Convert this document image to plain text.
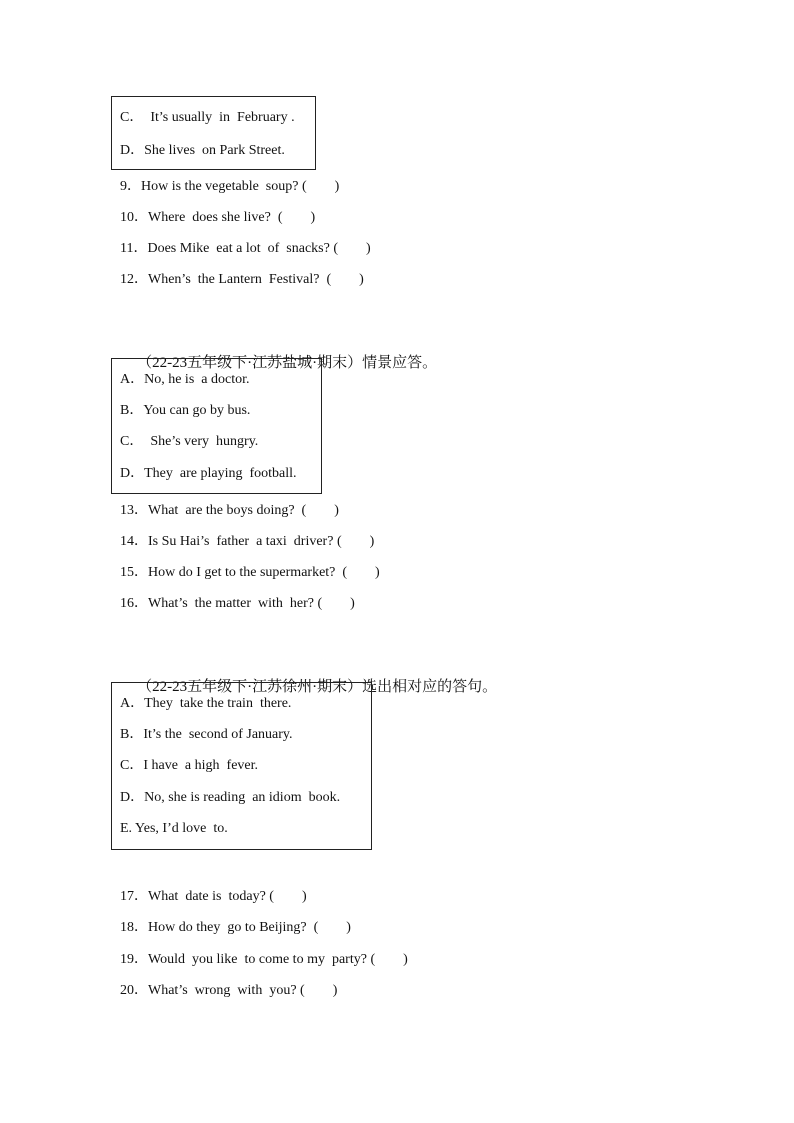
C．  It’s usually  in  February .
D．She lives  on Park Street.
9．How is the vegetable  soup? (        )
10．Where  does she live?  (        )
11．Does Mike  eat a lot  of  snacks? (        )
12．When’s  the Lantern  Festival?  (        )

（22-23五年级下·江苏盐城·期末）情景应答。

A．No, he is  a doctor.
B．You can go by bus.
C．  She’s very  hungry.
D．They  are playing  football.
13．What  are the boys doing?  (        )
14．Is Su Hai’s  father  a taxi  driver? (        )
15．How do I get to the supermarket?  (        )
16．What’s  the matter  with  her? (        )

（22-23五年级下·江苏徐州·期末）选出相对应的答句。

A．They  take the train  there.
B．It’s the  second of January.
C．I have  a high  fever.
D．No, she is reading  an idiom  book.
E. Yes, I’d love  to.
17．What  date is  today? (        )
18．How do they  go to Beijing?  (        )
19．Would  you like  to come to my  party? (        )
20．What’s  wrong  with  you? (        )
